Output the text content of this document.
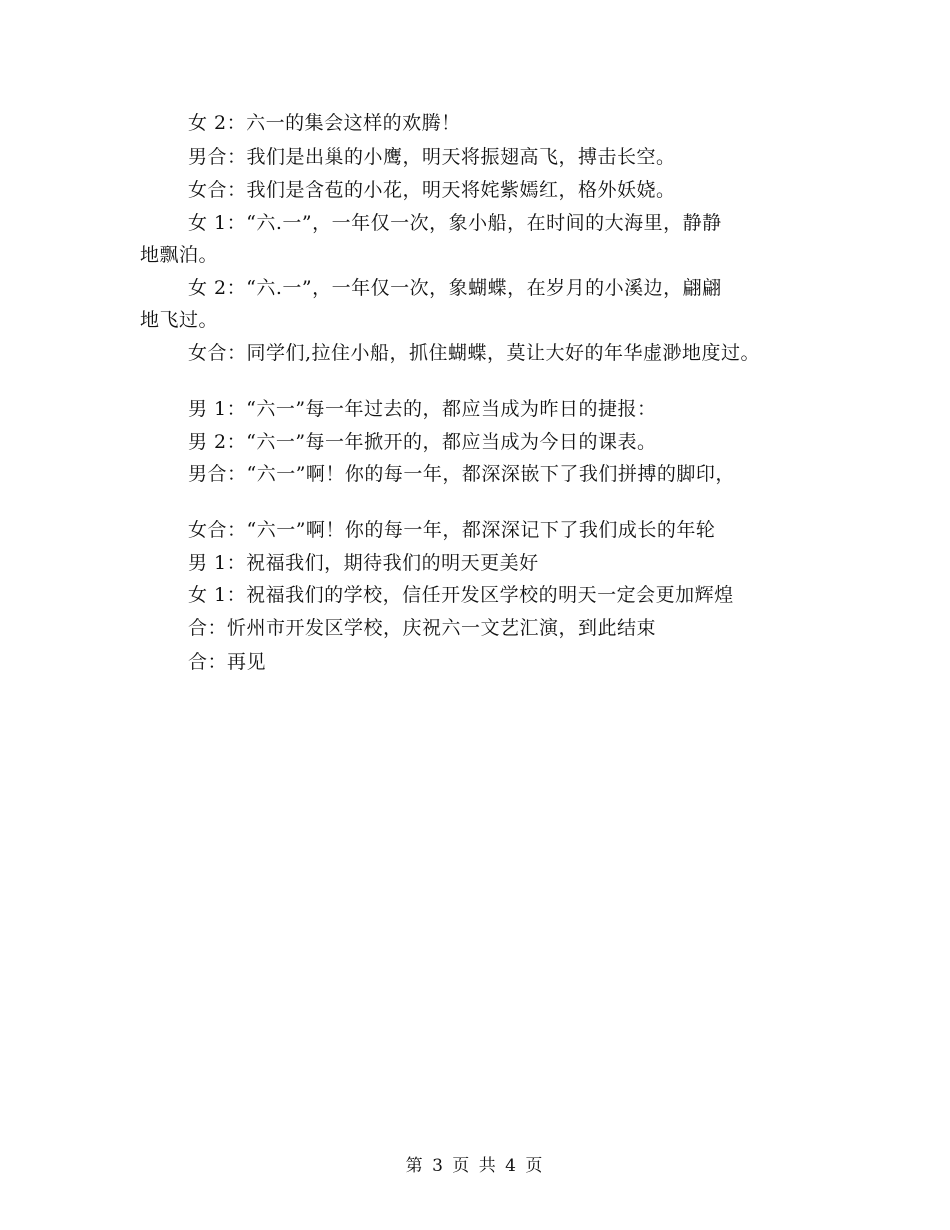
女 2：六一的集会这样的欢腾！
男合：我们是出巢的小鹰，明天将振翅高飞，搏击长空。
女合：我们是含苞的小花，明天将姹紫嫣红，格外妖娆。
女 1：“六.一”，一年仅一次，象小船，在时间的大海里，静静
地飘泊。
女 2：“六.一”，一年仅一次，象蝴蝶，在岁月的小溪边，翩翩
地飞过。
女合：同学们,拉住小船，抓住蝴蝶，莫让大好的年华虚渺地度过。
男 1：“六一”每一年过去的，都应当成为昨日的捷报：
男 2：“六一”每一年掀开的，都应当成为今日的课表。
男合：“六一”啊！你的每一年，都深深嵌下了我们拼搏的脚印，
女合：“六一”啊！你的每一年，都深深记下了我们成长的年轮
男 1：祝福我们，期待我们的明天更美好
女 1：祝福我们的学校，信任开发区学校的明天一定会更加辉煌
合：忻州市开发区学校，庆祝六一文艺汇演，到此结束
合：再见
第 3 页 共 4 页
